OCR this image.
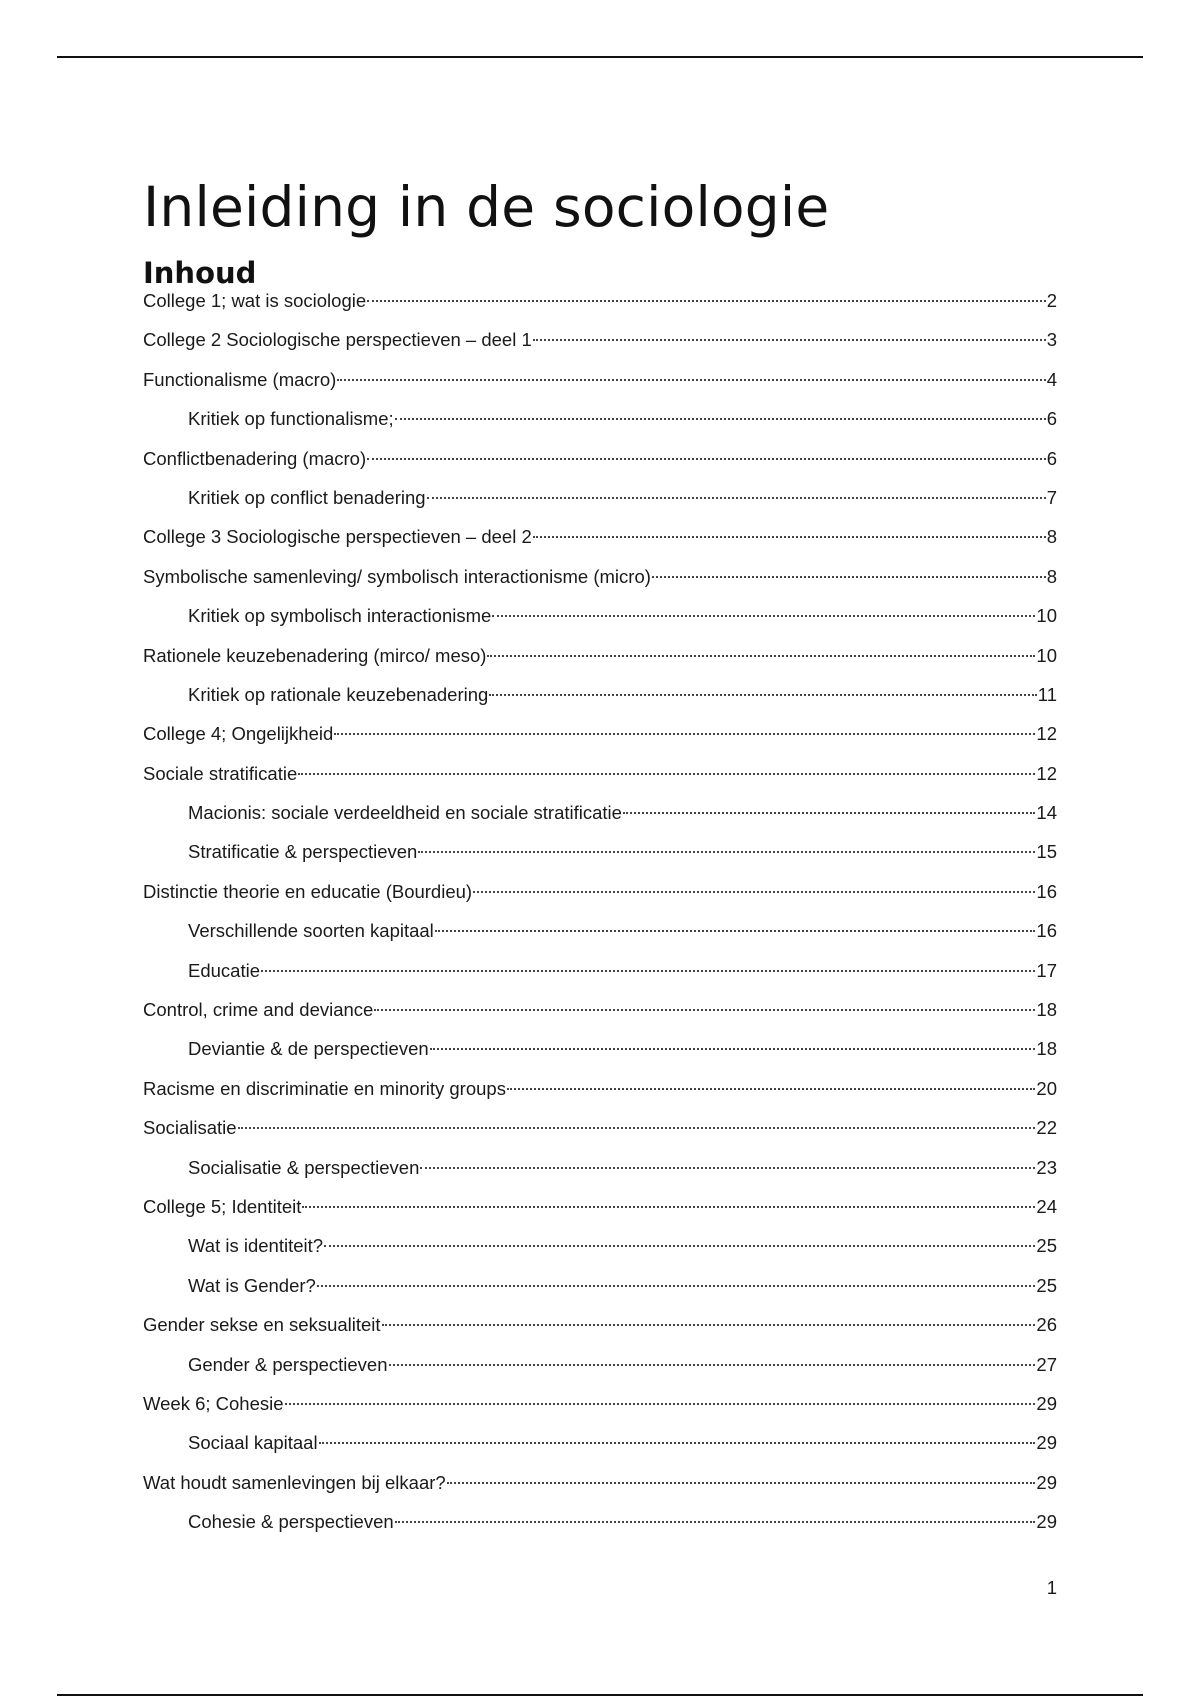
Inleiding in de sociologie
Inhoud
College 1; wat is sociologie	2
College 2 Sociologische perspectieven – deel 1	3
Functionalisme (macro)	4
Kritiek op functionalisme;	6
Conflictbenadering (macro)	6
Kritiek op conflict benadering	7
College 3 Sociologische perspectieven – deel 2	8
Symbolische samenleving/ symbolisch interactionisme (micro)	8
Kritiek op symbolisch interactionisme	10
Rationele keuzebenadering (mirco/ meso)	10
Kritiek op rationale keuzebenadering	11
College 4; Ongelijkheid	12
Sociale stratificatie	12
Macionis: sociale verdeeldheid en sociale stratificatie	14
Stratificatie & perspectieven	15
Distinctie theorie en educatie (Bourdieu)	16
Verschillende soorten kapitaal	16
Educatie	17
Control, crime and deviance	18
Deviantie & de perspectieven	18
Racisme en discriminatie en minority groups	20
Socialisatie	22
Socialisatie & perspectieven	23
College 5; Identiteit	24
Wat is identiteit?	25
Wat is Gender?	25
Gender sekse en seksualiteit	26
Gender & perspectieven	27
Week 6; Cohesie	29
Sociaal kapitaal	29
Wat houdt samenlevingen bij elkaar?	29
Cohesie & perspectieven	29
1
